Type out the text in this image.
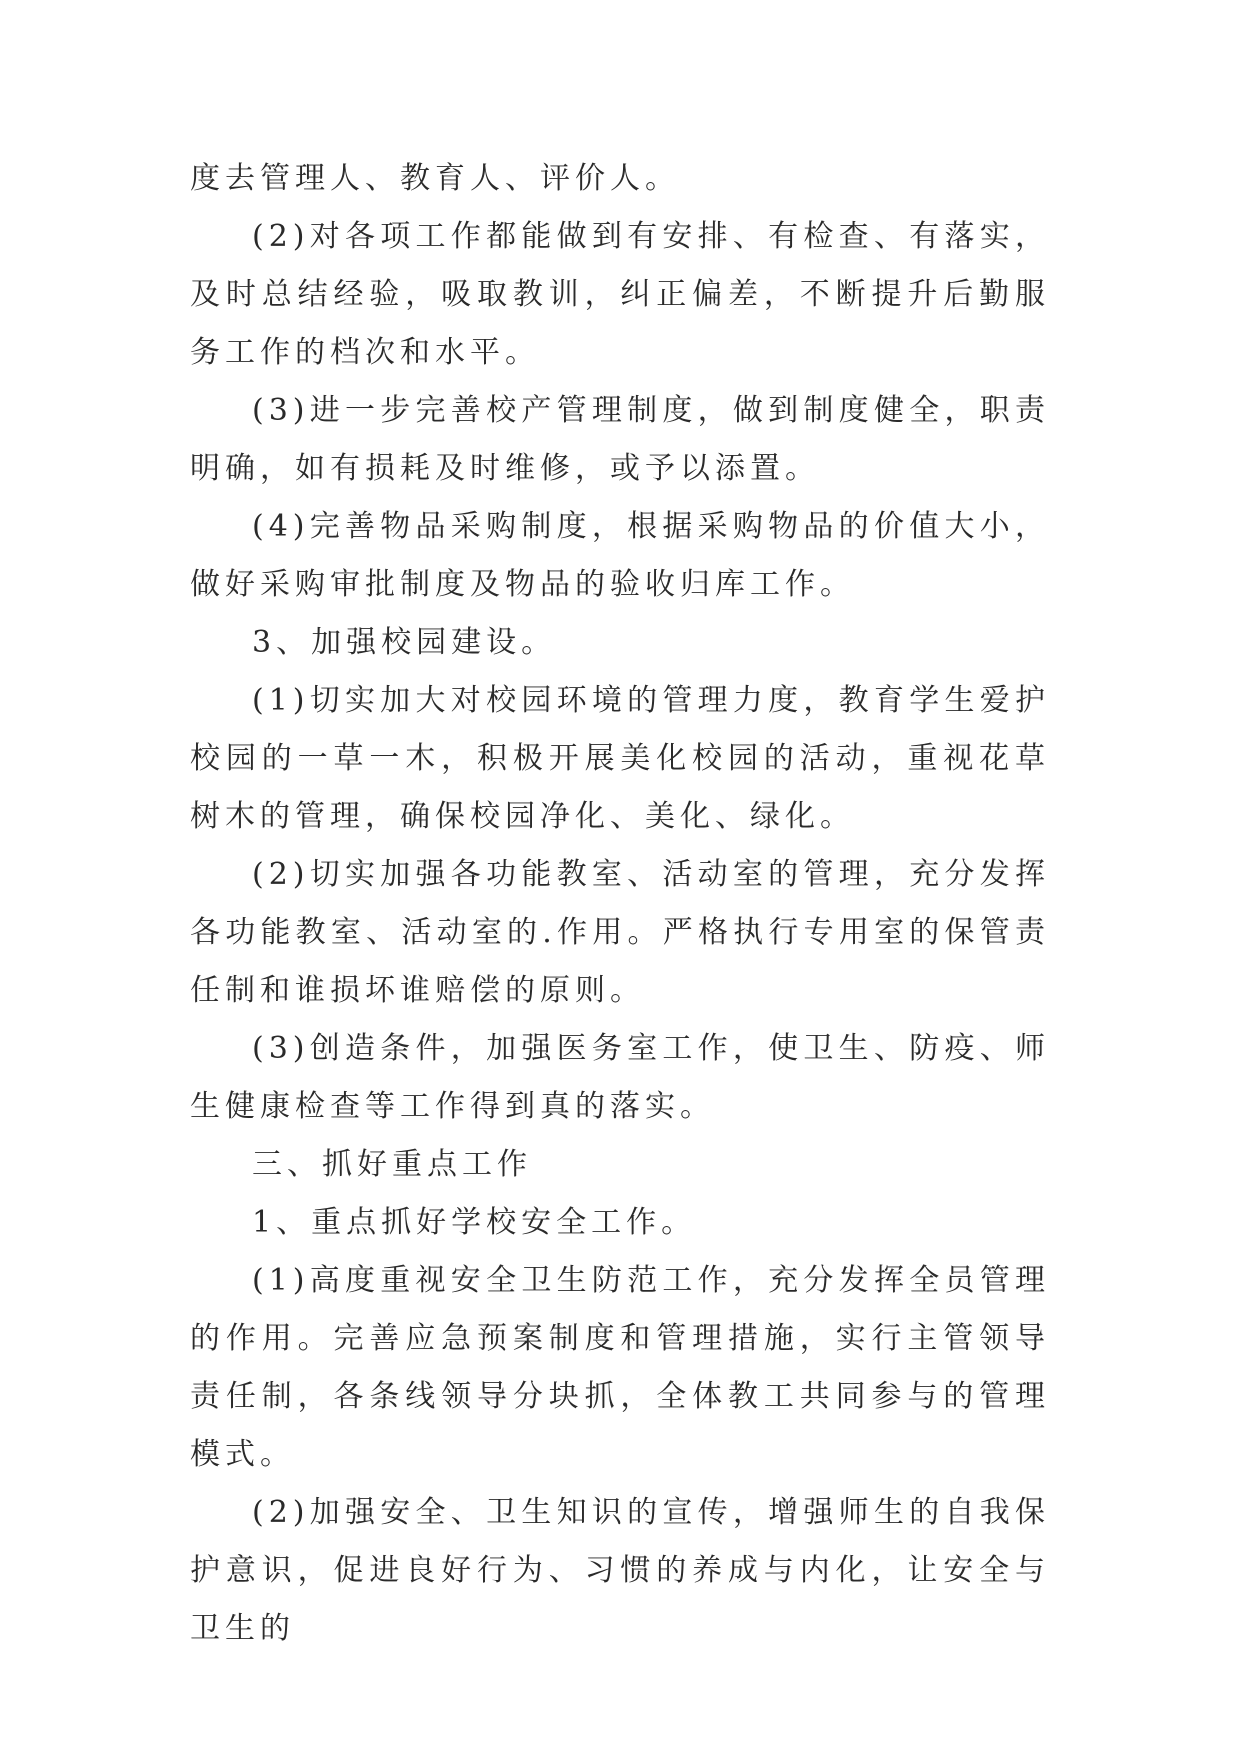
度去管理人、教育人、评价人。

(2)对各项工作都能做到有安排、有检查、有落实，及时总结经验，吸取教训，纠正偏差，不断提升后勤服务工作的档次和水平。

(3)进一步完善校产管理制度，做到制度健全，职责明确，如有损耗及时维修，或予以添置。

(4)完善物品采购制度，根据采购物品的价值大小，做好采购审批制度及物品的验收归库工作。

3、加强校园建设。

(1)切实加大对校园环境的管理力度，教育学生爱护校园的一草一木，积极开展美化校园的活动，重视花草树木的管理，确保校园净化、美化、绿化。

(2)切实加强各功能教室、活动室的管理，充分发挥各功能教室、活动室的.作用。严格执行专用室的保管责任制和谁损坏谁赔偿的原则。

(3)创造条件，加强医务室工作，使卫生、防疫、师生健康检查等工作得到真的落实。

三、抓好重点工作

1、重点抓好学校安全工作。

(1)高度重视安全卫生防范工作，充分发挥全员管理的作用。完善应急预案制度和管理措施，实行主管领导责任制，各条线领导分块抓，全体教工共同参与的管理模式。

(2)加强安全、卫生知识的宣传，增强师生的自我保护意识，促进良好行为、习惯的养成与内化，让安全与卫生的
